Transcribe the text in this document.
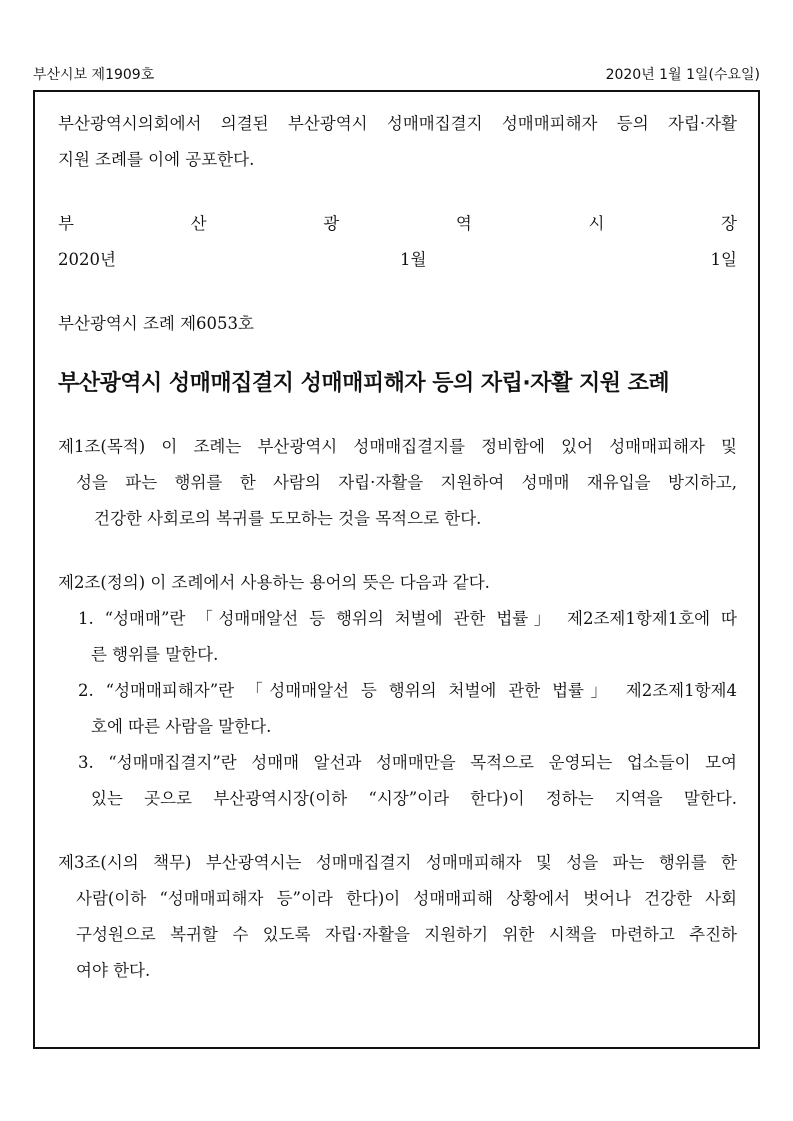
부산시보 제1909호	2020년 1월 1일(수요일)
부산광역시의회에서 의결된 부산광역시 성매매집결지 성매매피해자 등의 자립·자활
지원 조례를 이에 공포한다.
부 산 광 역 시 장
2020년 1월 1일
부산광역시 조례 제6053호
부산광역시 성매매집결지 성매매피해자 등의 자립·자활 지원 조례
제1조(목적) 이 조례는 부산광역시 성매매집결지를 정비함에 있어 성매매피해자 및
성을 파는 행위를 한 사람의 자립·자활을 지원하여 성매매 재유입을 방지하고,
건강한 사회로의 복귀를 도모하는 것을 목적으로 한다.
제2조(정의) 이 조례에서 사용하는 용어의 뜻은 다음과 같다.
1. “성매매”란 「성매매알선 등 행위의 처벌에 관한 법률」 제2조제1항제1호에 따
른 행위를 말한다.
2. “성매매피해자”란 「성매매알선 등 행위의 처벌에 관한 법률」 제2조제1항제4
호에 따른 사람을 말한다.
3. “성매매집결지”란 성매매 알선과 성매매만을 목적으로 운영되는 업소들이 모여
있는 곳으로 부산광역시장(이하 “시장”이라 한다)이 정하는 지역을 말한다.
제3조(시의 책무) 부산광역시는 성매매집결지 성매매피해자 및 성을 파는 행위를 한
사람(이하 “성매매피해자 등”이라 한다)이 성매매피해 상황에서 벗어나 건강한 사회
구성원으로 복귀할 수 있도록 자립·자활을 지원하기 위한 시책을 마련하고 추진하
여야 한다.
